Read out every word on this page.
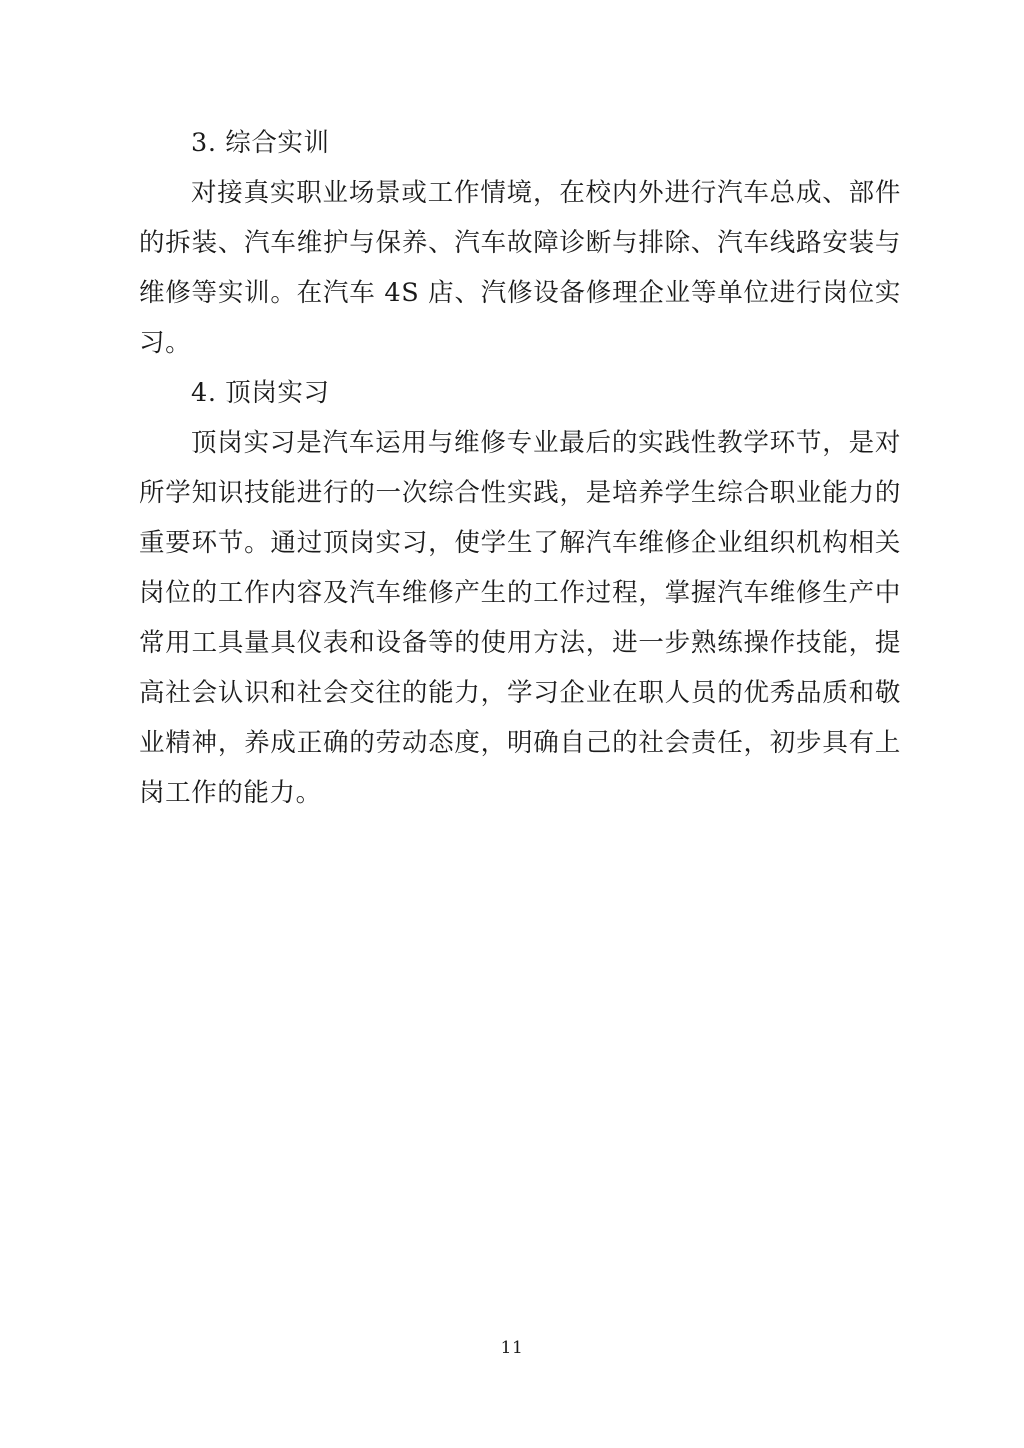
3. 综合实训

对接真实职业场景或工作情境，在校内外进行汽车总成、部件的拆装、汽车维护与保养、汽车故障诊断与排除、汽车线路安装与维修等实训。在汽车 4S 店、汽修设备修理企业等单位进行岗位实习。

4. 顶岗实习

顶岗实习是汽车运用与维修专业最后的实践性教学环节，是对所学知识技能进行的一次综合性实践，是培养学生综合职业能力的重要环节。通过顶岗实习，使学生了解汽车维修企业组织机构相关岗位的工作内容及汽车维修产生的工作过程，掌握汽车维修生产中常用工具量具仪表和设备等的使用方法，进一步熟练操作技能，提高社会认识和社会交往的能力，学习企业在职人员的优秀品质和敬业精神，养成正确的劳动态度，明确自己的社会责任，初步具有上岗工作的能力。

11
